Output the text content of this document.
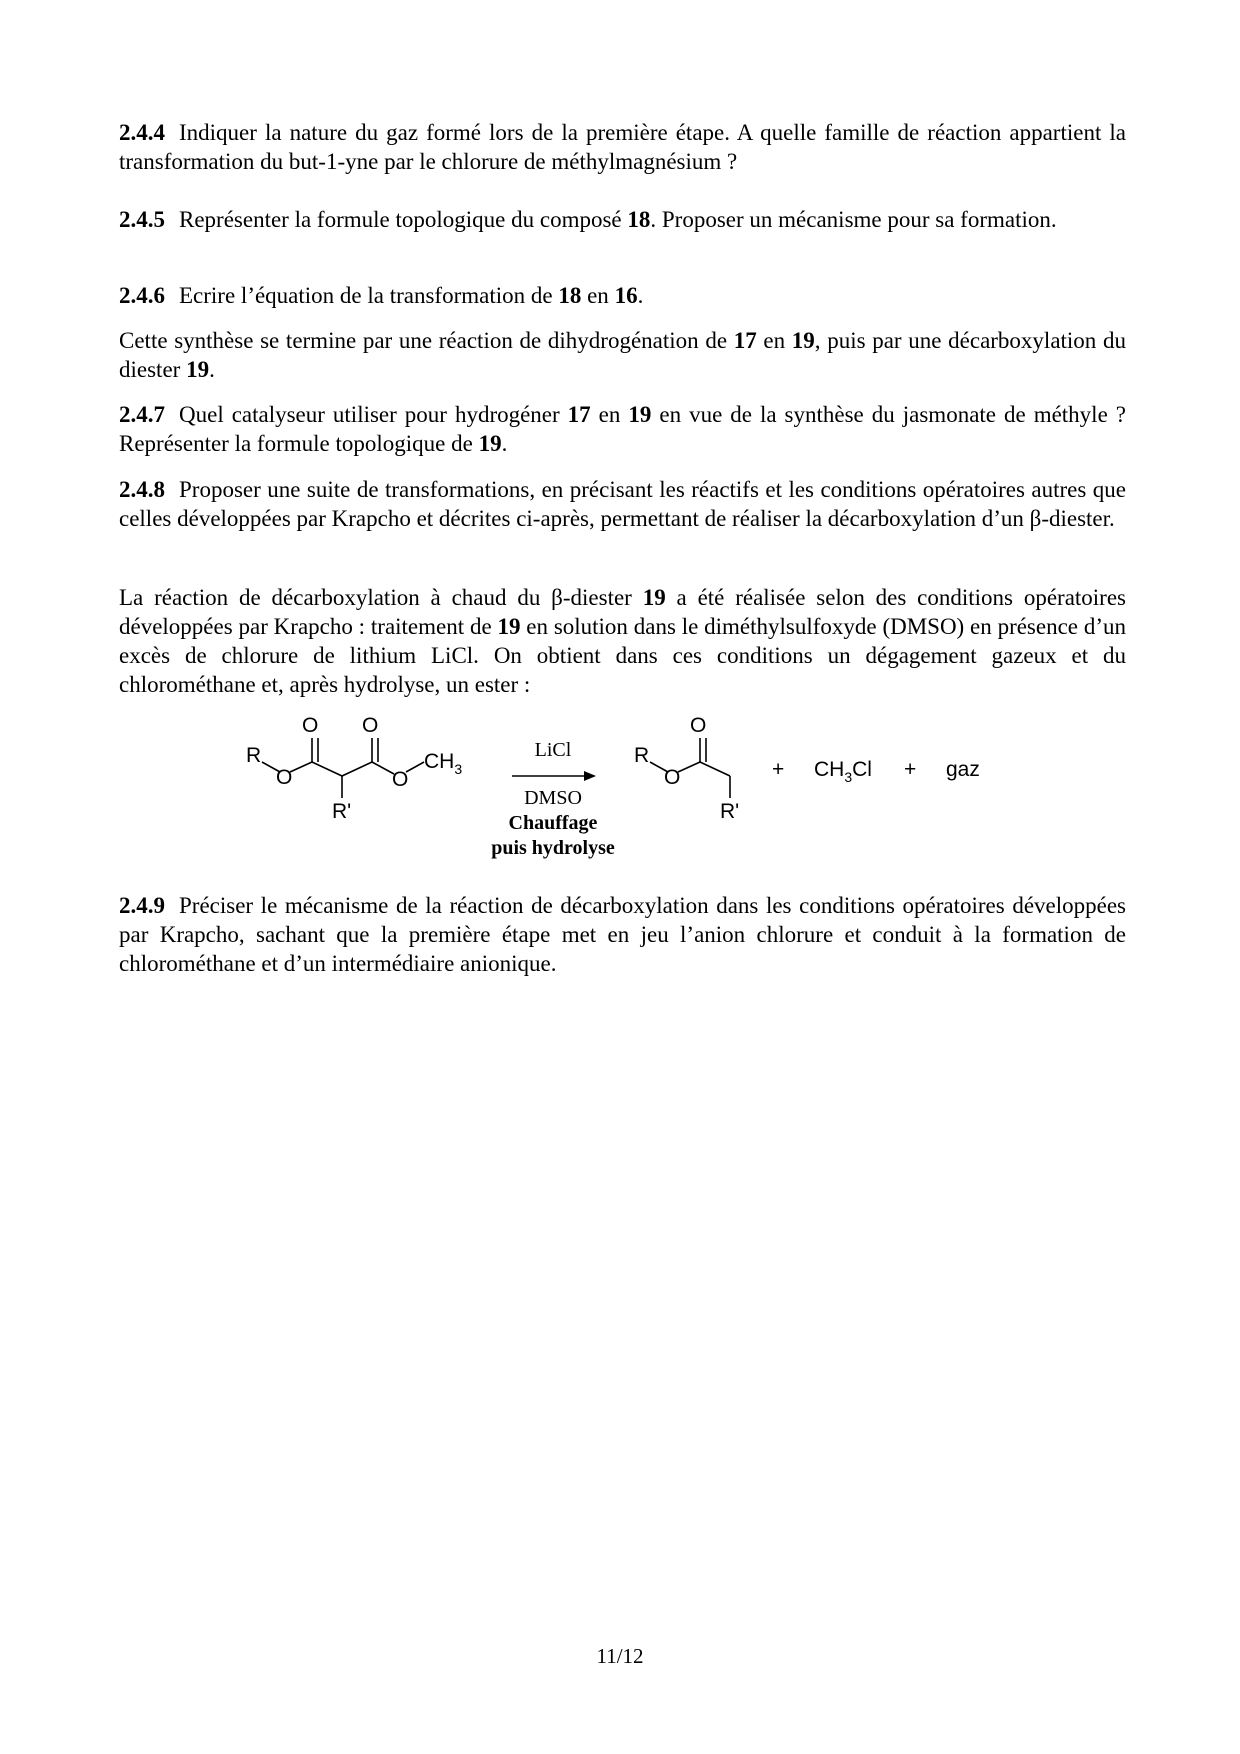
2.4.4 Indiquer la nature du gaz formé lors de la première étape. A quelle famille de réaction appartient la transformation du but-1-yne par le chlorure de méthylmagnésium ?
2.4.5 Représenter la formule topologique du composé 18. Proposer un mécanisme pour sa formation.
2.4.6 Ecrire l’équation de la transformation de 18 en 16.
Cette synthèse se termine par une réaction de dihydrogénation de 17 en 19, puis par une décarboxylation du diester 19.
2.4.7 Quel catalyseur utiliser pour hydrogéner 17 en 19 en vue de la synthèse du jasmonate de méthyle ? Représenter la formule topologique de 19.
2.4.8 Proposer une suite de transformations, en précisant les réactifs et les conditions opératoires autres que celles développées par Krapcho et décrites ci-après, permettant de réaliser la décarboxylation d’un β-diester.
La réaction de décarboxylation à chaud du β-diester 19 a été réalisée selon des conditions opératoires développées par Krapcho : traitement de 19 en solution dans le diméthylsulfoxyde (DMSO) en présence d’un excès de chlorure de lithium LiCl. On obtient dans ces conditions un dégagement gazeux et du chlorométhane et, après hydrolyse, un ester :
O O
R
O	O
R'
$CH_3$
LiCl
DMSO
Chauffage
puis hydrolyse
O
R
O
R'
+ $CH_3Cl$ + gaz
2.4.9 Préciser le mécanisme de la réaction de décarboxylation dans les conditions opératoires développées par Krapcho, sachant que la première étape met en jeu l’anion chlorure et conduit à la formation de chlorométhane et d’un intermédiaire anionique.
11/12
